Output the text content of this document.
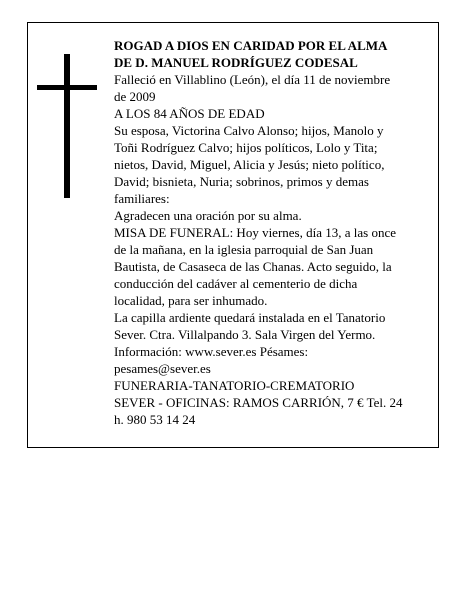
ROGAD A DIOS EN CARIDAD POR EL ALMA
DE D. MANUEL RODRÍGUEZ CODESAL
Falleció en Villablino (León), el día 11 de noviembre
de 2009
A LOS 84 AÑOS DE EDAD
Su esposa, Victorina Calvo Alonso; hijos, Manolo y
Toñi Rodríguez Calvo; hijos políticos, Lolo y Tita;
nietos, David, Miguel, Alicia y Jesús; nieto político,
David; bisnieta, Nuria; sobrinos, primos y demas
familiares:
Agradecen una oración por su alma.
MISA DE FUNERAL: Hoy viernes, día 13, a las once
de la mañana, en la iglesia parroquial de San Juan
Bautista, de Casaseca de las Chanas. Acto seguido, la
conducción del cadáver al cementerio de dicha
localidad, para ser inhumado.
La capilla ardiente quedará instalada en el Tanatorio
Sever. Ctra. Villalpando 3. Sala Virgen del Yermo.
Información: www.sever.es Pésames:
pesames@sever.es
FUNERARIA-TANATORIO-CREMATORIO
SEVER - OFICINAS: RAMOS CARRIÓN, 7 € Tel. 24
h. 980 53 14 24
